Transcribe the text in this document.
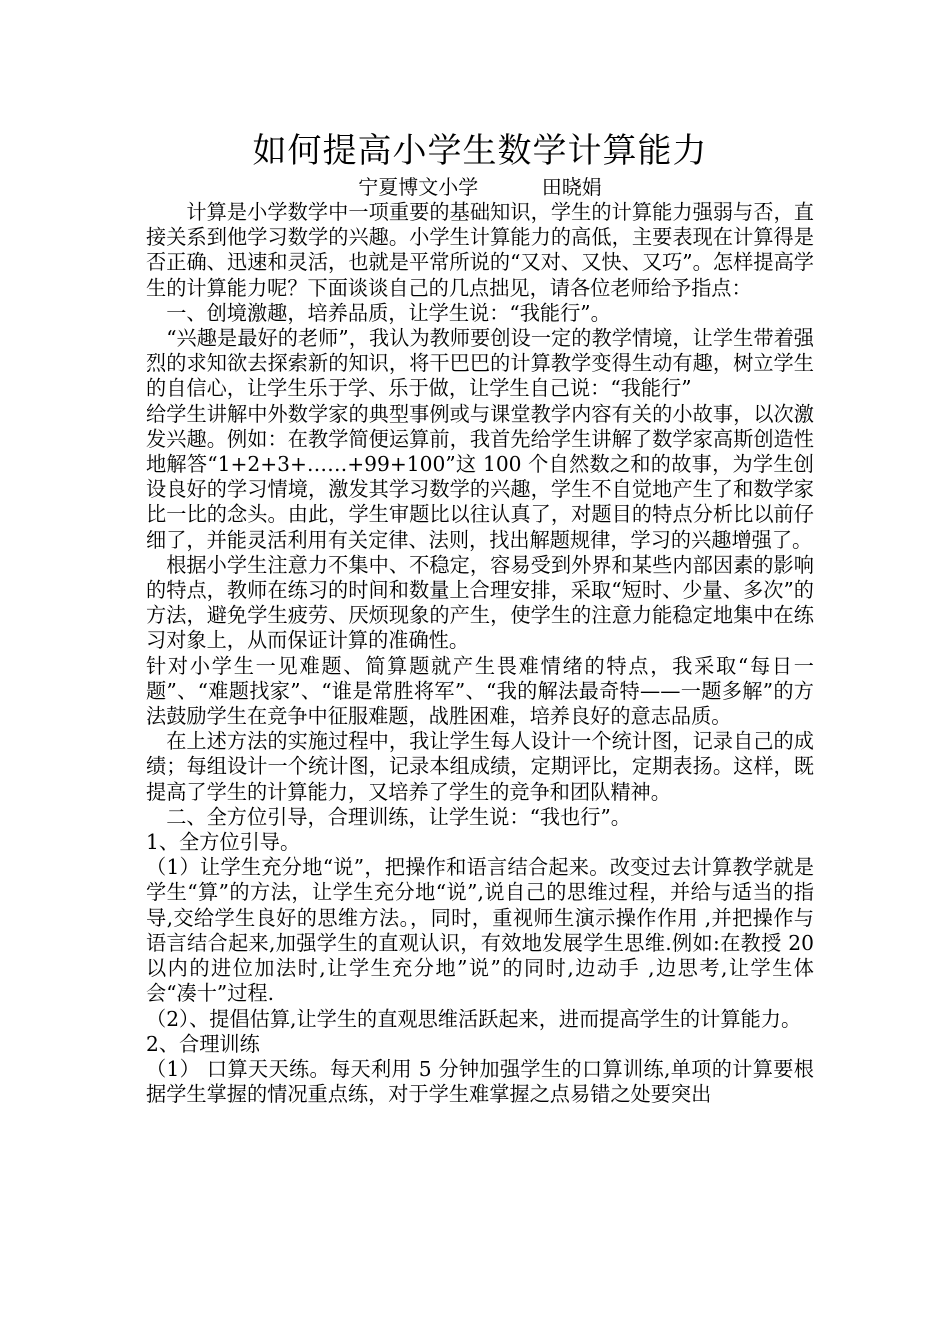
如何提高小学生数学计算能力
宁夏博文小学          田晓娟

计算是小学数学中一项重要的基础知识，学生的计算能力强弱与否，直接关系到他学习数学的兴趣。小学生计算能力的高低，主要表现在计算得是否正确、迅速和灵活，也就是平常所说的“又对、又快、又巧”。怎样提高学生的计算能力呢？下面谈谈自己的几点拙见，请各位老师给予指点：

一、创境激趣，培养品质，让学生说：“我能行”。

“兴趣是最好的老师”，我认为教师要创设一定的教学情境，让学生带着强烈的求知欲去探索新的知识，将干巴巴的计算教学变得生动有趣，树立学生的自信心，让学生乐于学、乐于做，让学生自己说：“我能行”

给学生讲解中外数学家的典型事例或与课堂教学内容有关的小故事，以次激发兴趣。例如：在教学简便运算前，我首先给学生讲解了数学家高斯创造性地解答“1+2+3+……+99+100”这 100 个自然数之和的故事，为学生创设良好的学习情境，激发其学习数学的兴趣，学生不自觉地产生了和数学家比一比的念头。由此，学生审题比以往认真了，对题目的特点分析比以前仔细了，并能灵活利用有关定律、法则，找出解题规律，学习的兴趣增强了。

根据小学生注意力不集中、不稳定，容易受到外界和某些内部因素的影响的特点，教师在练习的时间和数量上合理安排，采取“短时、少量、多次”的方法，避免学生疲劳、厌烦现象的产生，使学生的注意力能稳定地集中在练习对象上，从而保证计算的准确性。

针对小学生一见难题、简算题就产生畏难情绪的特点，我采取“每日一题”、“难题找家”、“谁是常胜将军”、“我的解法最奇特——一题多解”的方法鼓励学生在竞争中征服难题，战胜困难，培养良好的意志品质。

在上述方法的实施过程中，我让学生每人设计一个统计图，记录自己的成绩；每组设计一个统计图，记录本组成绩，定期评比，定期表扬。这样，既提高了学生的计算能力，又培养了学生的竞争和团队精神。

二、全方位引导，合理训练，让学生说：“我也行”。

1、全方位引导。

（1）让学生充分地“说”，把操作和语言结合起来。改变过去计算教学就是学生“算”的方法，让学生充分地“说”,说自己的思维过程，并给与适当的指导,交给学生良好的思维方法。，同时，重视师生演示操作作用 ,并把操作与语言结合起来,加强学生的直观认识，有效地发展学生思维.例如:在教授 20 以内的进位加法时,让学生充分地”说”的同时,边动手 ,边思考,让学生体会“凑十”过程.

（2）、提倡估算,让学生的直观思维活跃起来，进而提高学生的计算能力。

2、合理训练

（1） 口算天天练。每天利用 5 分钟加强学生的口算训练,单项的计算要根据学生掌握的情况重点练，对于学生难掌握之点易错之处要突出
